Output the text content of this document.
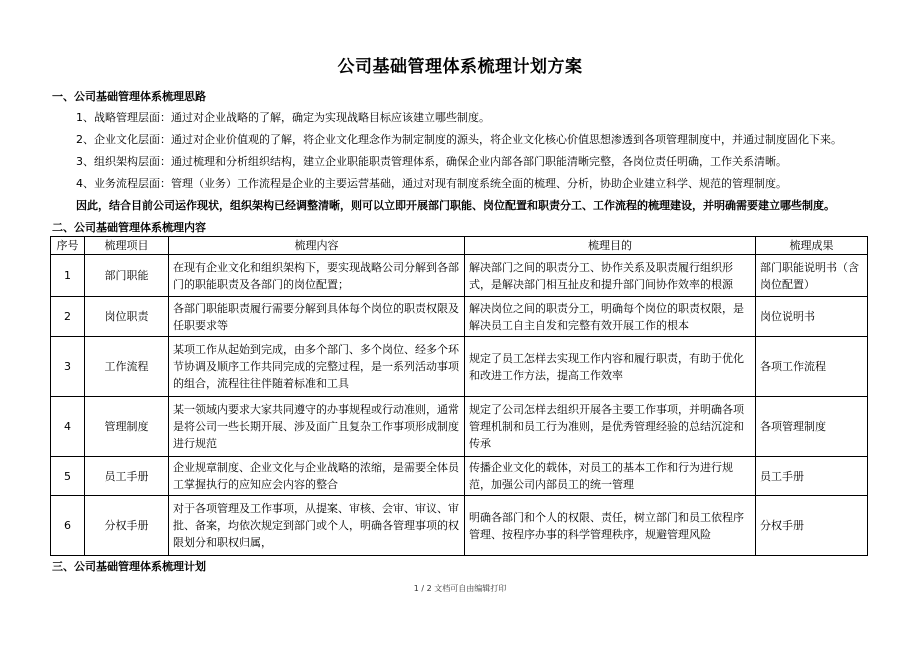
公司基础管理体系梳理计划方案
一、公司基础管理体系梳理思路
1、战略管理层面：通过对企业战略的了解，确定为实现战略目标应该建立哪些制度。
2、企业文化层面：通过对企业价值观的了解，将企业文化理念作为制定制度的源头，将企业文化核心价值思想渗透到各项管理制度中，并通过制度固化下来。
3、组织架构层面：通过梳理和分析组织结构，建立企业职能职责管理体系，确保企业内部各部门职能清晰完整，各岗位责任明确，工作关系清晰。
4、业务流程层面：管理（业务）工作流程是企业的主要运营基础，通过对现有制度系统全面的梳理、分析，协助企业建立科学、规范的管理制度。
因此，结合目前公司运作现状，组织架构已经调整清晰，则可以立即开展部门职能、岗位配置和职责分工、工作流程的梳理建设，并明确需要建立哪些制度。
二、公司基础管理体系梳理内容
序号	梳理项目	梳理内容	梳理目的	梳理成果
1	部门职能	在现有企业文化和组织架构下，要实现战略公司分解到各部门的职能职责及各部门的岗位配置；	解决部门之间的职责分工、协作关系及职责履行组织形式，是解决部门相互扯皮和提升部门间协作效率的根源	部门职能说明书（含岗位配置）
2	岗位职责	各部门职能职责履行需要分解到具体每个岗位的职责权限及任职要求等	解决岗位之间的职责分工，明确每个岗位的职责权限，是解决员工自主自发和完整有效开展工作的根本	岗位说明书
3	工作流程	某项工作从起始到完成，由多个部门、多个岗位、经多个环节协调及顺序工作共同完成的完整过程，是一系列活动事项的组合，流程往往伴随着标准和工具	规定了员工怎样去实现工作内容和履行职责，有助于优化和改进工作方法，提高工作效率	各项工作流程
4	管理制度	某一领域内要求大家共同遵守的办事规程或行动准则，通常是将公司一些长期开展、涉及面广且复杂工作事项形成制度进行规范	规定了公司怎样去组织开展各主要工作事项，并明确各项管理机制和员工行为准则，是优秀管理经验的总结沉淀和传承	各项管理制度
5	员工手册	企业规章制度、企业文化与企业战略的浓缩，是需要全体员工掌握执行的应知应会内容的整合	传播企业文化的载体，对员工的基本工作和行为进行规范，加强公司内部员工的统一管理	员工手册
6	分权手册	对于各项管理及工作事项，从提案、审核、会审、审议、审批、备案，均依次规定到部门或个人，明确各管理事项的权限划分和职权归属，	明确各部门和个人的权限、责任，树立部门和员工依程序管理、按程序办事的科学管理秩序，规避管理风险	分权手册
三、公司基础管理体系梳理计划
1 / 2 文档可自由编辑打印
